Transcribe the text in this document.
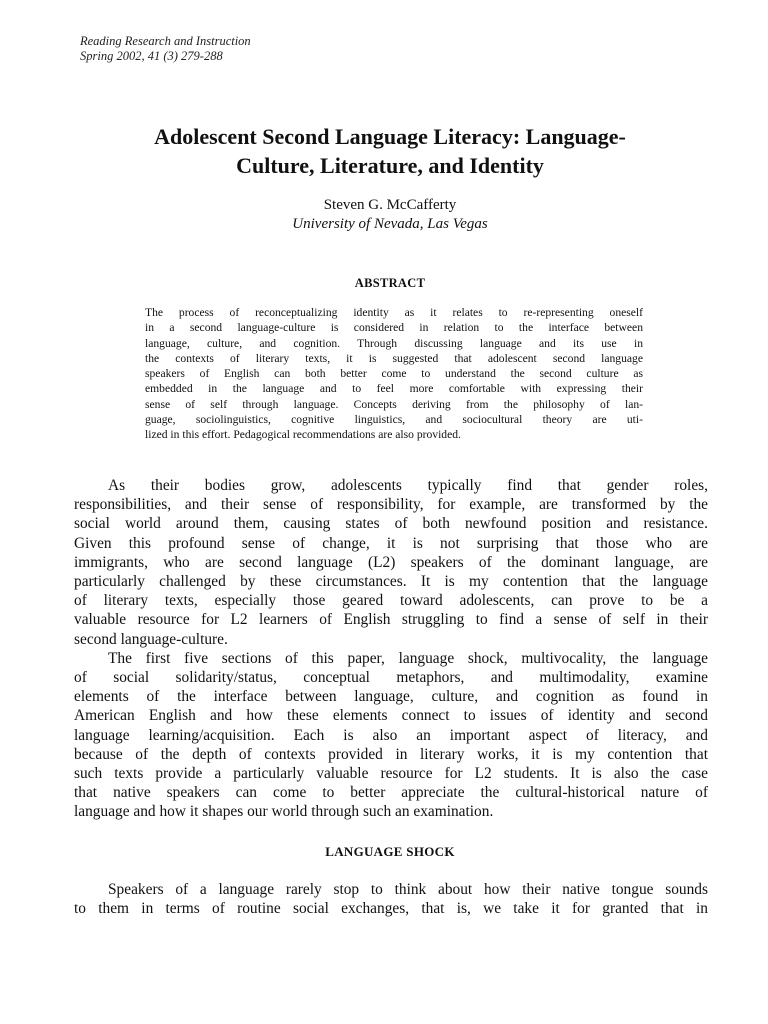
Reading Research and Instruction
Spring 2002, 41 (3) 279-288
Adolescent Second Language Literacy: Language-
Culture, Literature, and Identity
Steven G. McCafferty
University of Nevada, Las Vegas
ABSTRACT
The process of reconceptualizing identity as it relates to re-representing oneself
in a second language-culture is considered in relation to the interface between
language, culture, and cognition. Through discussing language and its use in
the contexts of literary texts, it is suggested that adolescent second language
speakers of English can both better come to understand the second culture as
embedded in the language and to feel more comfortable with expressing their
sense of self through language. Concepts deriving from the philosophy of lan-
guage, sociolinguistics, cognitive linguistics, and sociocultural theory are uti-
lized in this effort. Pedagogical recommendations are also provided.
As their bodies grow, adolescents typically find that gender roles,
responsibilities, and their sense of responsibility, for example, are transformed by the
social world around them, causing states of both newfound position and resistance.
Given this profound sense of change, it is not surprising that those who are
immigrants, who are second language (L2) speakers of the dominant language, are
particularly challenged by these circumstances. It is my contention that the language
of literary texts, especially those geared toward adolescents, can prove to be a
valuable resource for L2 learners of English struggling to find a sense of self in their
second language-culture.
The first five sections of this paper, language shock, multivocality, the language
of social solidarity/status, conceptual metaphors, and multimodality, examine
elements of the interface between language, culture, and cognition as found in
American English and how these elements connect to issues of identity and second
language learning/acquisition. Each is also an important aspect of literacy, and
because of the depth of contexts provided in literary works, it is my contention that
such texts provide a particularly valuable resource for L2 students. It is also the case
that native speakers can come to better appreciate the cultural-historical nature of
language and how it shapes our world through such an examination.
LANGUAGE SHOCK
Speakers of a language rarely stop to think about how their native tongue sounds
to them in terms of routine social exchanges, that is, we take it for granted that in
